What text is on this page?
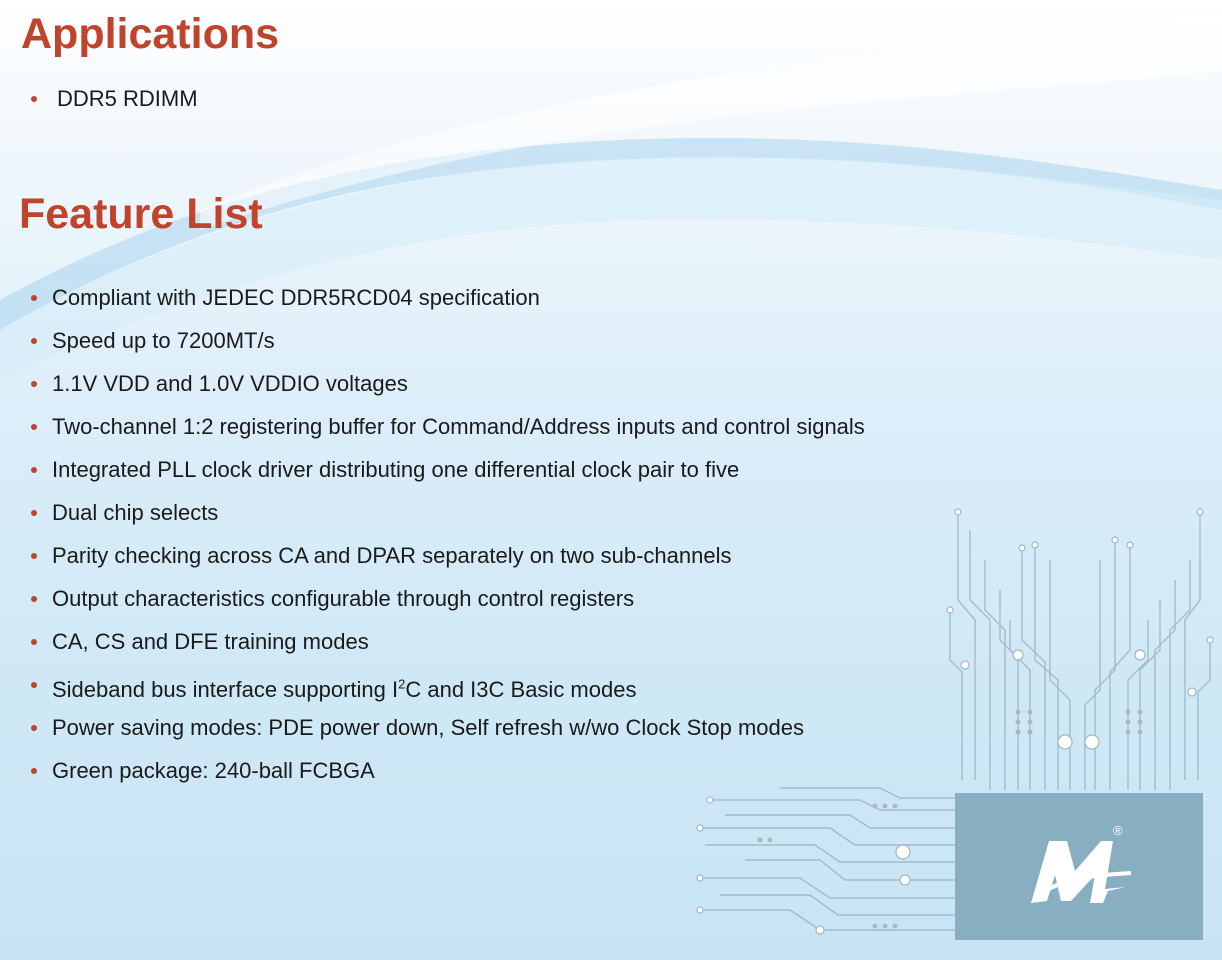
Applications
DDR5 RDIMM
Feature List
Compliant with JEDEC DDR5RCD04 specification
Speed up to 7200MT/s
1.1V VDD and 1.0V VDDIO voltages
Two-channel 1:2 registering buffer for Command/Address inputs and control signals
Integrated PLL clock driver distributing one differential clock pair to five
Dual chip selects
Parity checking across CA and DPAR separately on two sub-channels
Output characteristics configurable through control registers
CA, CS and DFE training modes
Sideband bus interface supporting $I^2C$ and I3C Basic modes
Power saving modes: PDE power down, Self refresh w/wo Clock Stop modes
Green package: 240-ball FCBGA
®
